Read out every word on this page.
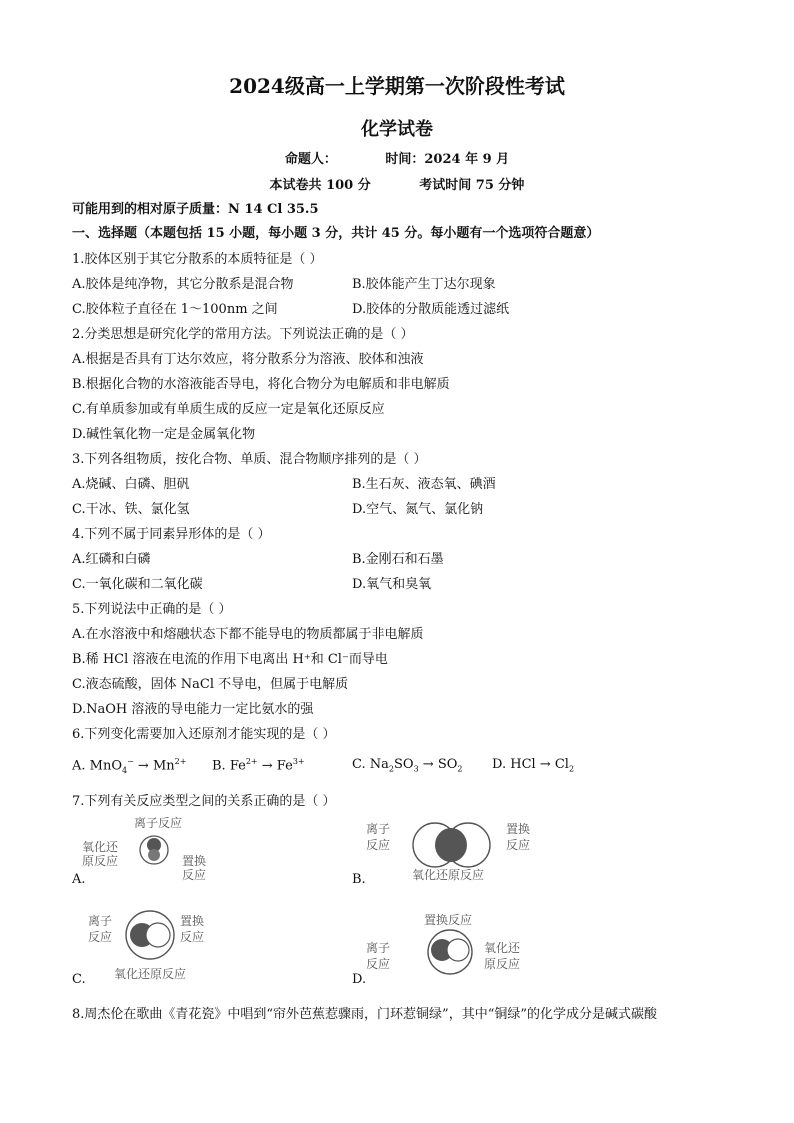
2024级高一上学期第一次阶段性考试
化学试卷
命题人：	时间：2024 年 9 月
本试卷共 100 分	考试时间 75 分钟
可能用到的相对原子质量：N 14 Cl 35.5
一、选择题（本题包括 15 小题，每小题 3 分，共计 45 分。每小题有一个选项符合题意）
1.胶体区别于其它分散系的本质特征是（ ）
A.胶体是纯净物，其它分散系是混合物	B.胶体能产生丁达尔现象
C.胶体粒子直径在 1～100nm 之间	D.胶体的分散质能透过滤纸
2.分类思想是研究化学的常用方法。下列说法正确的是（ ）
A.根据是否具有丁达尔效应，将分散系分为溶液、胶体和浊液
B.根据化合物的水溶液能否导电，将化合物分为电解质和非电解质
C.有单质参加或有单质生成的反应一定是氧化还原反应
D.碱性氧化物一定是金属氧化物
3.下列各组物质，按化合物、单质、混合物顺序排列的是（ ）
A.烧碱、白磷、胆矾	B.生石灰、液态氧、碘酒
C.干冰、铁、氯化氢	D.空气、氮气、氯化钠
4.下列不属于同素异形体的是（ ）
A.红磷和白磷	B.金刚石和石墨
C.一氧化碳和二氧化碳	D.氧气和臭氧
5.下列说法中正确的是（ ）
A.在水溶液中和熔融状态下都不能导电的物质都属于非电解质
B.稀 HCl 溶液在电流的作用下电离出 H⁺和 Cl⁻而导电
C.液态硫酸，固体 NaCl 不导电，但属于电解质
D.NaOH 溶液的导电能力一定比氨水的强
6.下列变化需要加入还原剂才能实现的是（ ）
A. $MnO_4^- \to Mn^{2+}$ B. $Fe^{2+} \to Fe^{3+}$	C. $Na_2SO_3 \to SO_2$ D. HCl → $Cl_2$
7.下列有关反应类型之间的关系正确的是（ ）
离子反应
氧化还
原反应	置换
反应
A.
离子
反应
置换
反应
氧化还原反应
B.
离子
反应
置换
反应
氧化还原反应
C.
置换反应
离子
反应
氧化还
原反应
D.
8.周杰伦在歌曲《青花瓷》中唱到“帘外芭蕉惹骤雨，门环惹铜绿”，其中“铜绿”的化学成分是碱式碳酸
